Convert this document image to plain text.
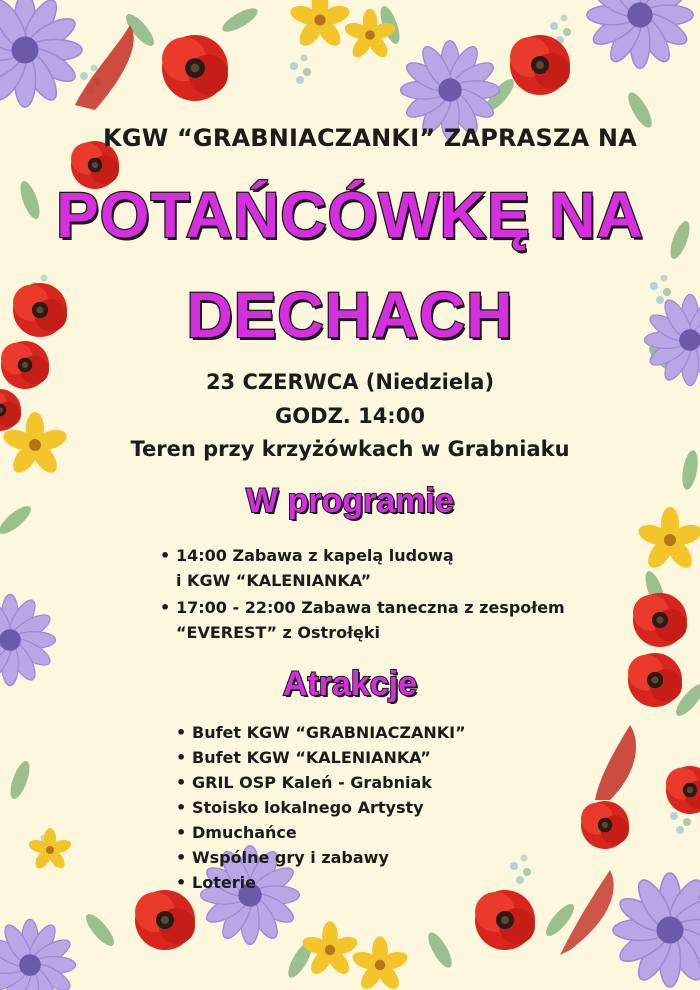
KGW “GRABNIACZANKI” ZAPRASZA NA
POTAŃCÓWKĘ NA
DECHACH
23 CZERWCA (Niedziela)
GODZ. 14:00
Teren przy krzyżówkach w Grabniaku
W programie
• 14:00 Zabawa z kapelą ludową
i KGW “KALENIANKA”
• 17:00 - 22:00 Zabawa taneczna z zespołem
“EVEREST” z Ostrołęki
Atrakcje
• Bufet KGW “GRABNIACZANKI”
• Bufet KGW “KALENIANKA”
• GRIL OSP Kaleń - Grabniak
• Stoisko lokalnego Artysty
• Dmuchańce
• Wspólne gry i zabawy
• Loterie
